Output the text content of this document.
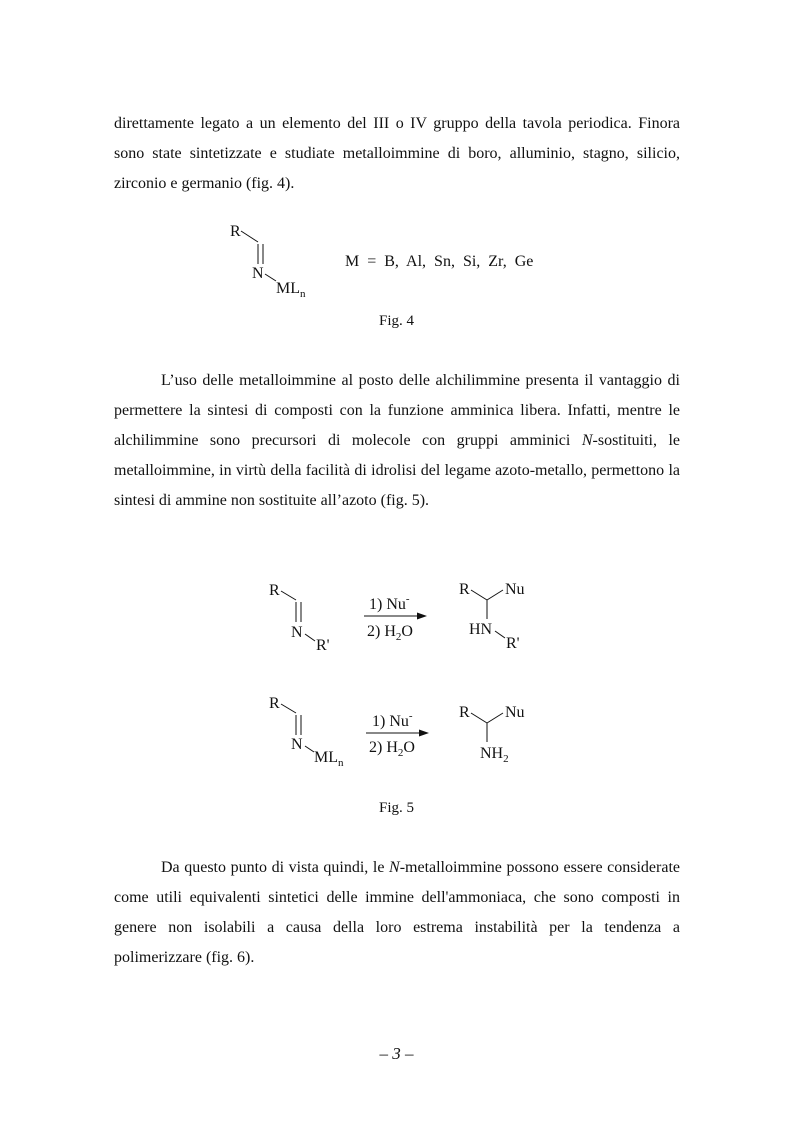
direttamente legato a un elemento del III o IV gruppo della tavola periodica. Finora sono state sintetizzate e studiate metalloimmine di boro, alluminio, stagno, silicio, zirconio e germanio (fig. 4).

R
N
$ML_n$
M  =  B,  Al,  Sn,  Si,  Zr,  Ge
Fig. 4

L’uso delle metalloimmine al posto delle alchilimmine presenta il vantaggio di permettere la sintesi di composti con la funzione amminica libera. Infatti, mentre le alchilimmine sono precursori di molecole con gruppi amminici N-sostituiti, le metalloimmine, in virtù della facilità di idrolisi del legame azoto-metallo, permettono la sintesi di ammine non sostituite all’azoto (fig. 5).

R
N
R'
1) Nu-
2) $H_2O$
R Nu
HN
R'
R
N
$ML_n$
1) Nu-
2) $H_2O$
R Nu
$NH_2$
Fig. 5

Da questo punto di vista quindi, le N-metalloimmine possono essere considerate come utili equivalenti sintetici delle immine dell'ammoniaca, che sono composti in genere non isolabili a causa della loro estrema instabilità per la tendenza a polimerizzare (fig. 6).

– 3 –
